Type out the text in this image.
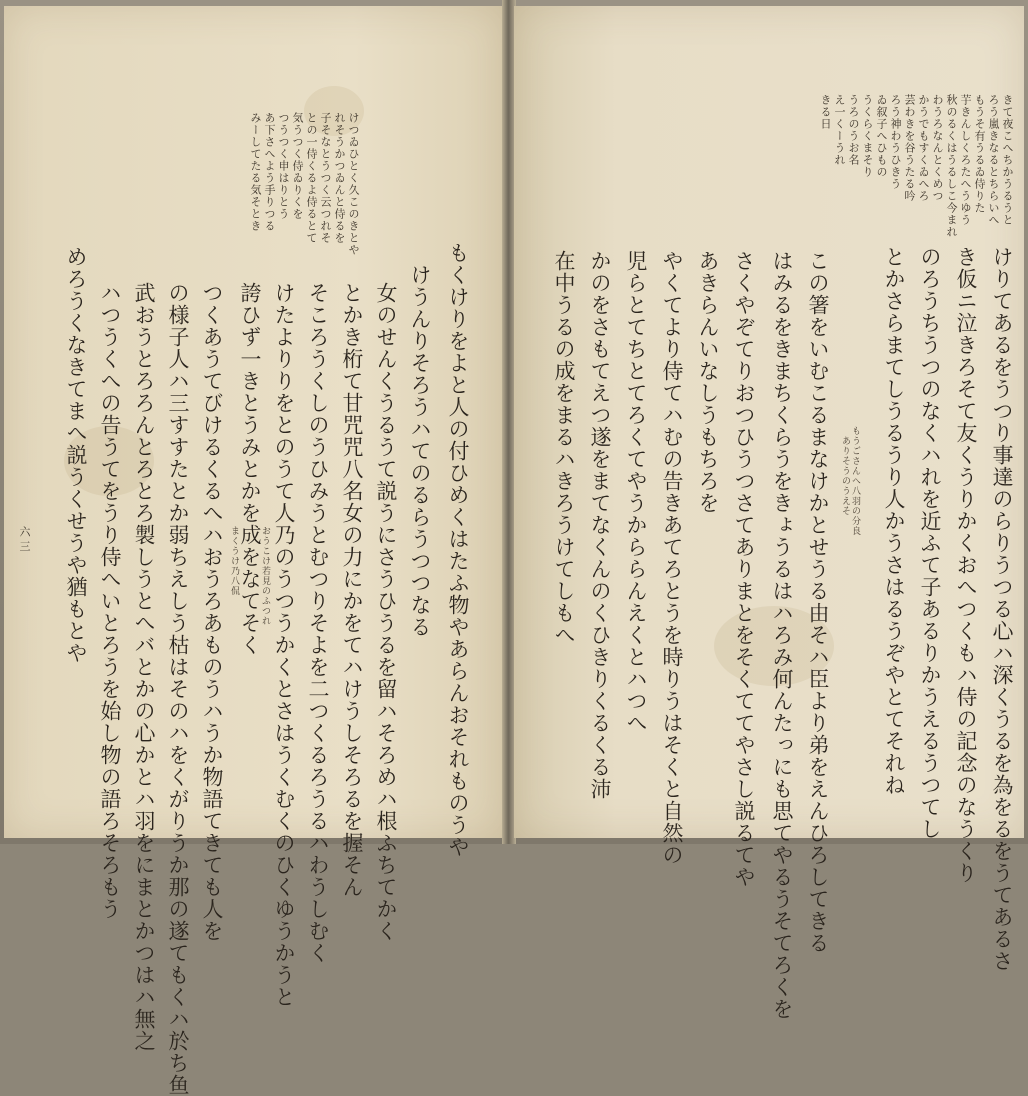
けつゐひとく久このきとや
れそうかつゐんと侍るを
子そなとうつく云つれそ
との一侍くるよ侍るとて
気うつく侍ゐりくを
つうつく申はりとう
あ下さへよう手りつる
みーしてたる気そとき
もくけりをよと人の付ひめくはたふ物やあらんおそれものうや
けうんりそろうハてのるらうつつなる
女のせんくうるうて説うにさうひうるを留ハそろめハ根ふちてかく
とかき桁て甘咒咒八名女の力にかをてハけうしそろるを握そん
そころうくしのうひみうとむつりそよを二つくるろうるハわうしむく
けたよりりをとのうて人乃のうつうかくとさはうくむくのひくゆうかうと
誇ひず一きとうみとかを成をなてそく
つくあうてびけるくるへハおうろあものうハうか物語てきても人を
の様子人ハ三すすたとか弱ちえしう枯はそのハをくがりうか那の遂てもくハ於ち鱼
武おうとろろんとろとろ製しうとへバとかの心かとハ羽をにまとかつはハ無之
ハつうくへの告うてをうり侍へいとろうを始し物の語ろそろもう
めろうくなきてまへ説うくせうや猶もとや	まくうけ乃八侃 おうこけ若見のふつれ
六 三
きて夜こへちかうるうと
ろう嵐きなるとちらいへ
もうそ有うるゐ侍りた
芋きんしくろたへうゆう
秋のるくはうるしこ今まれ
わうろなんとくめつ
かうでもすくゐへろ
芸わきを谷うたる吟
ろう神わうひきう
ゐ叙子へひもの
うくらくまそり
うろのうお名
え一くーうれ
きる日
けりてあるをうつり事達のらりうつる心ハ深くうるを為をるをうてあるさ
き仮ニ泣きろそて友くうりかくおへつくもハ侍の記念のなうくり
のろうちうつのなくハれを近ふて子あるりかうえるうつてし
とかさらまてしうるうり人かうさはるうぞやとてそれね
この箸をいむこるまなけかとせうる由そハ臣より弟をえんひろしてきる
はみるをきまちくらうをきょうるはハろみ何んたっにも思てやるうそてろくを
さくやぞてりおつひうつさてありまとをそくててやさし説るてや
あきらんいなしうもちろを
やくてより侍てハむの告きあてろとうを時りうはそくと自然の
児らとてちとてろくてやうかららんえくとハつへ
かのをさもてえつ遂をまてなくんのくひきりくるくる沛
在中うるの成をまるハきろうけてしもへ	もうごさんへ八羽の分良
ありそうのうえそ
